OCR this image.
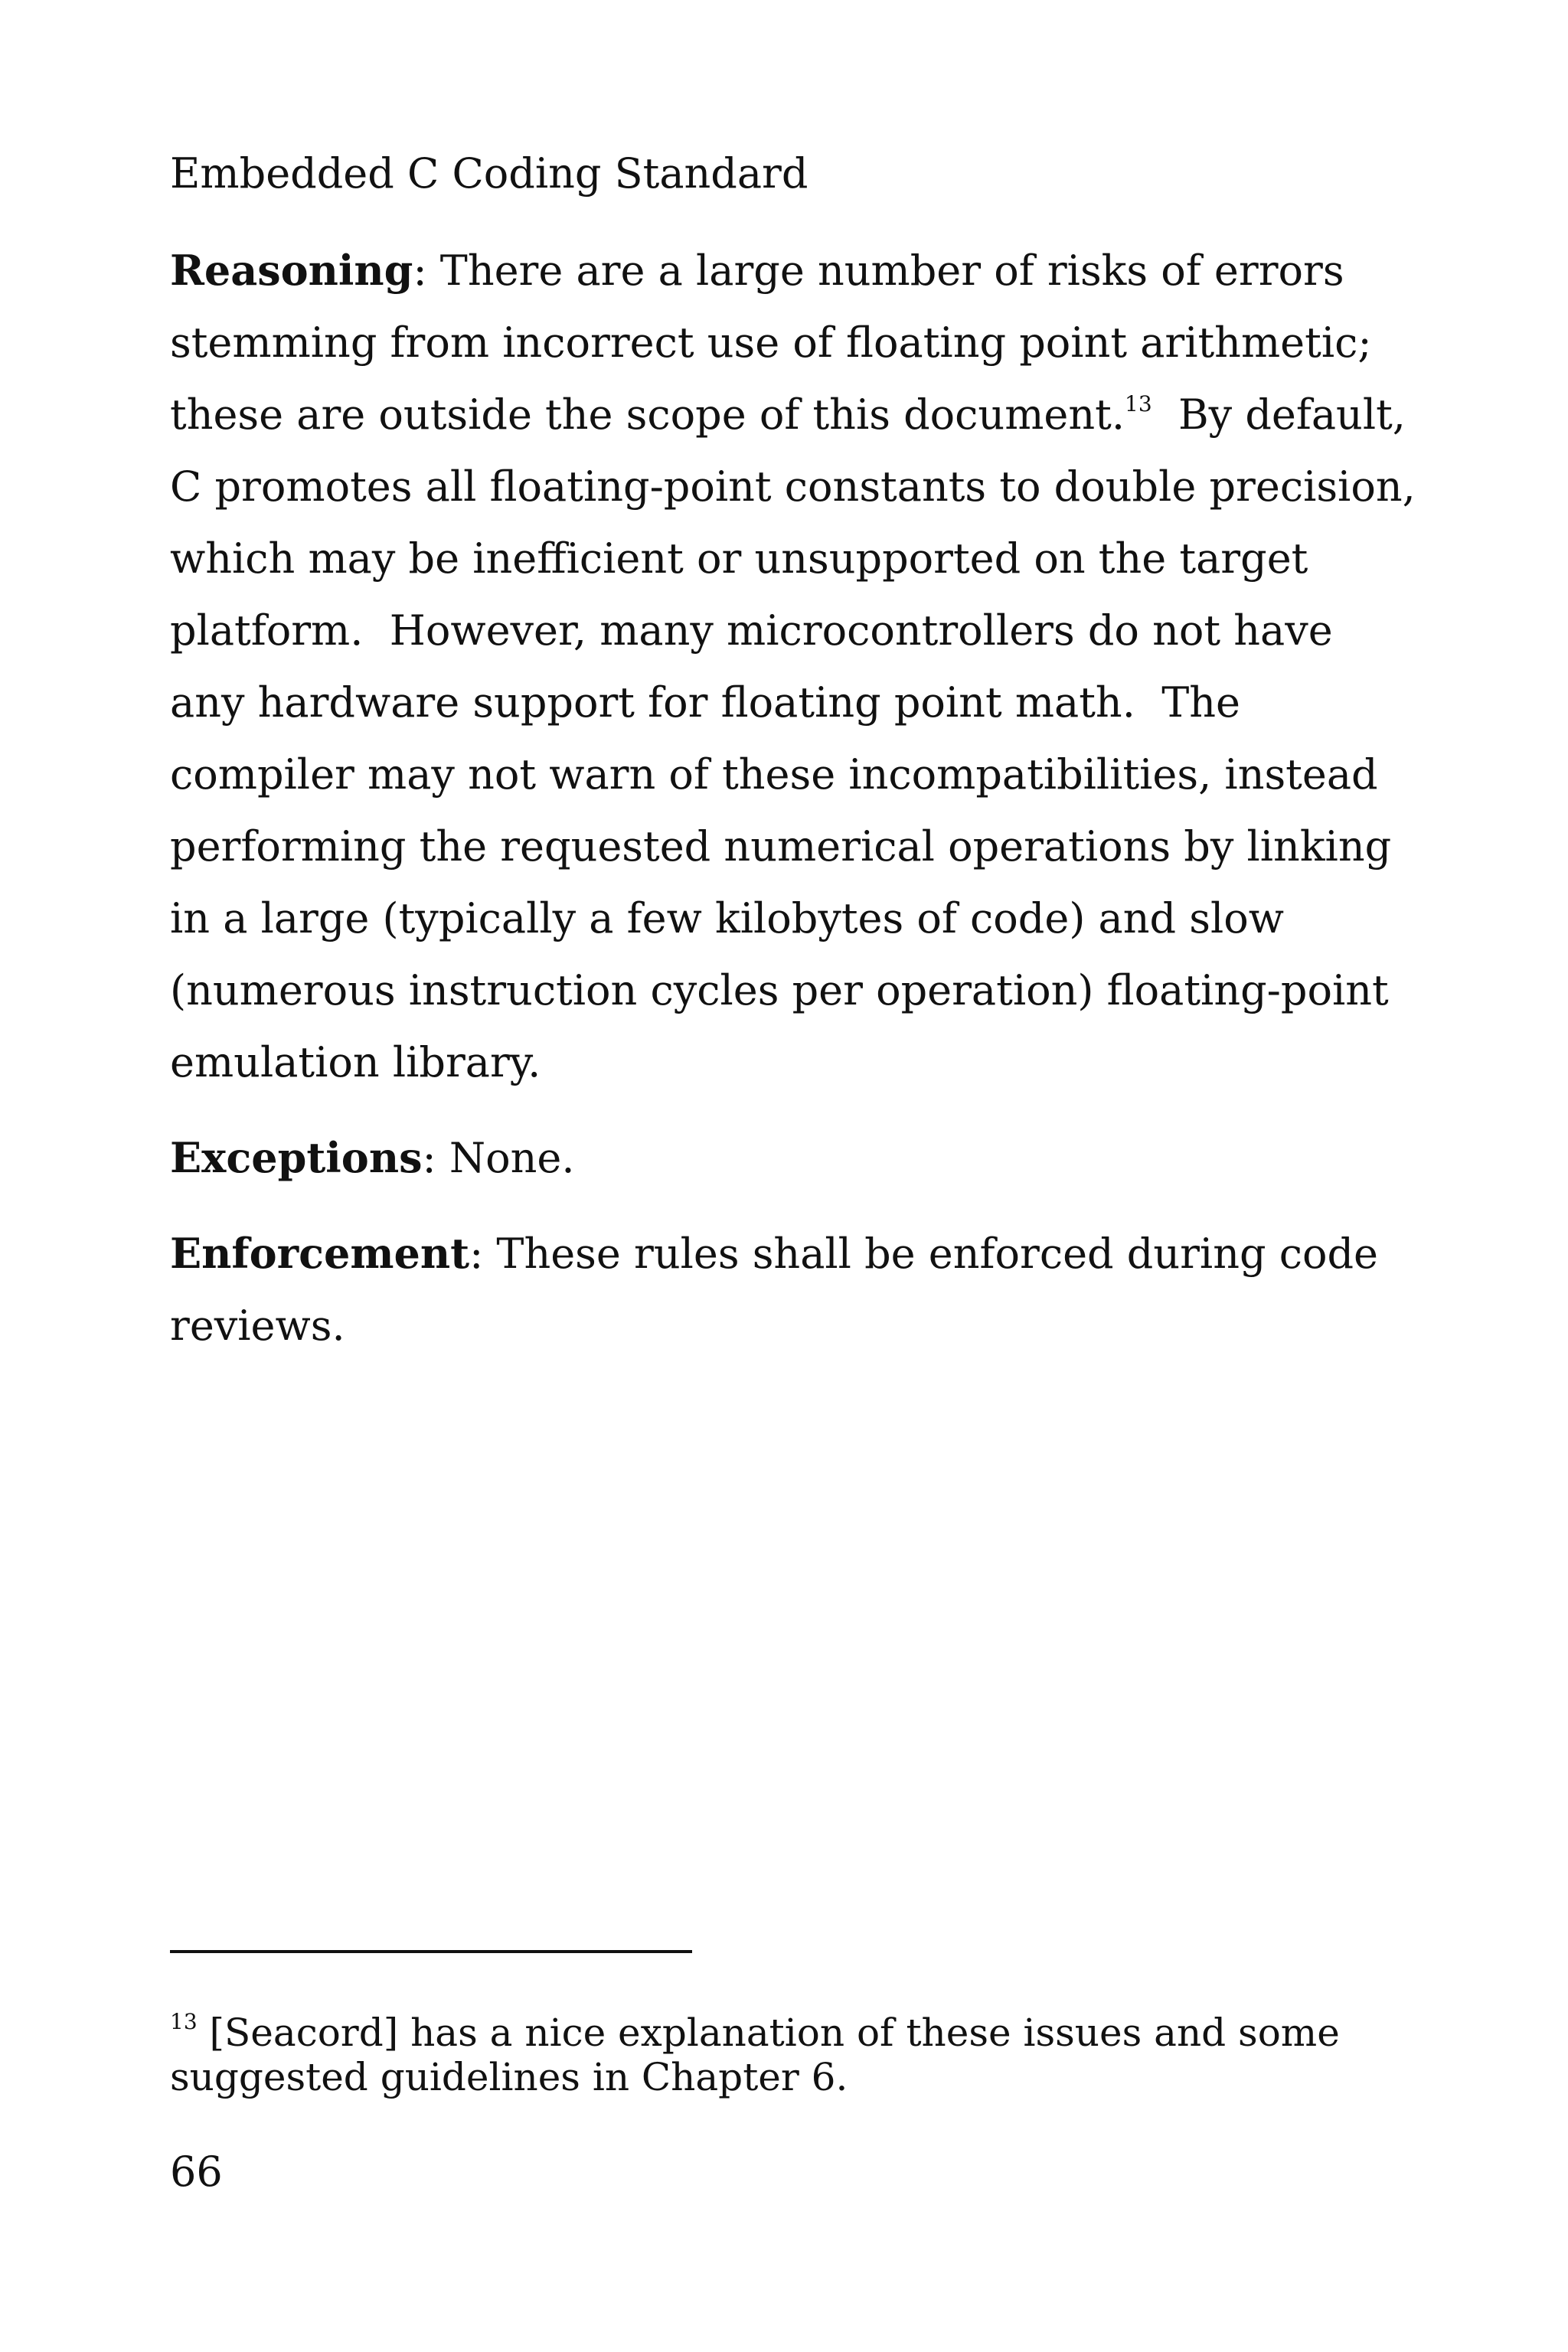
Embedded C Coding Standard

Reasoning: There are a large number of risks of errors
stemming from incorrect use of floating point arithmetic;
these are outside the scope of this document.$^{13}$  By default,
C promotes all floating-point constants to double precision,
which may be inefficient or unsupported on the target
platform.  However, many microcontrollers do not have
any hardware support for floating point math.  The
compiler may not warn of these incompatibilities, instead
performing the requested numerical operations by linking
in a large (typically a few kilobytes of code) and slow
(numerous instruction cycles per operation) floating-point
emulation library.

Exceptions: None.

Enforcement: These rules shall be enforced during code
reviews.

$^{13}$ [Seacord] has a nice explanation of these issues and some
suggested guidelines in Chapter 6.
66
